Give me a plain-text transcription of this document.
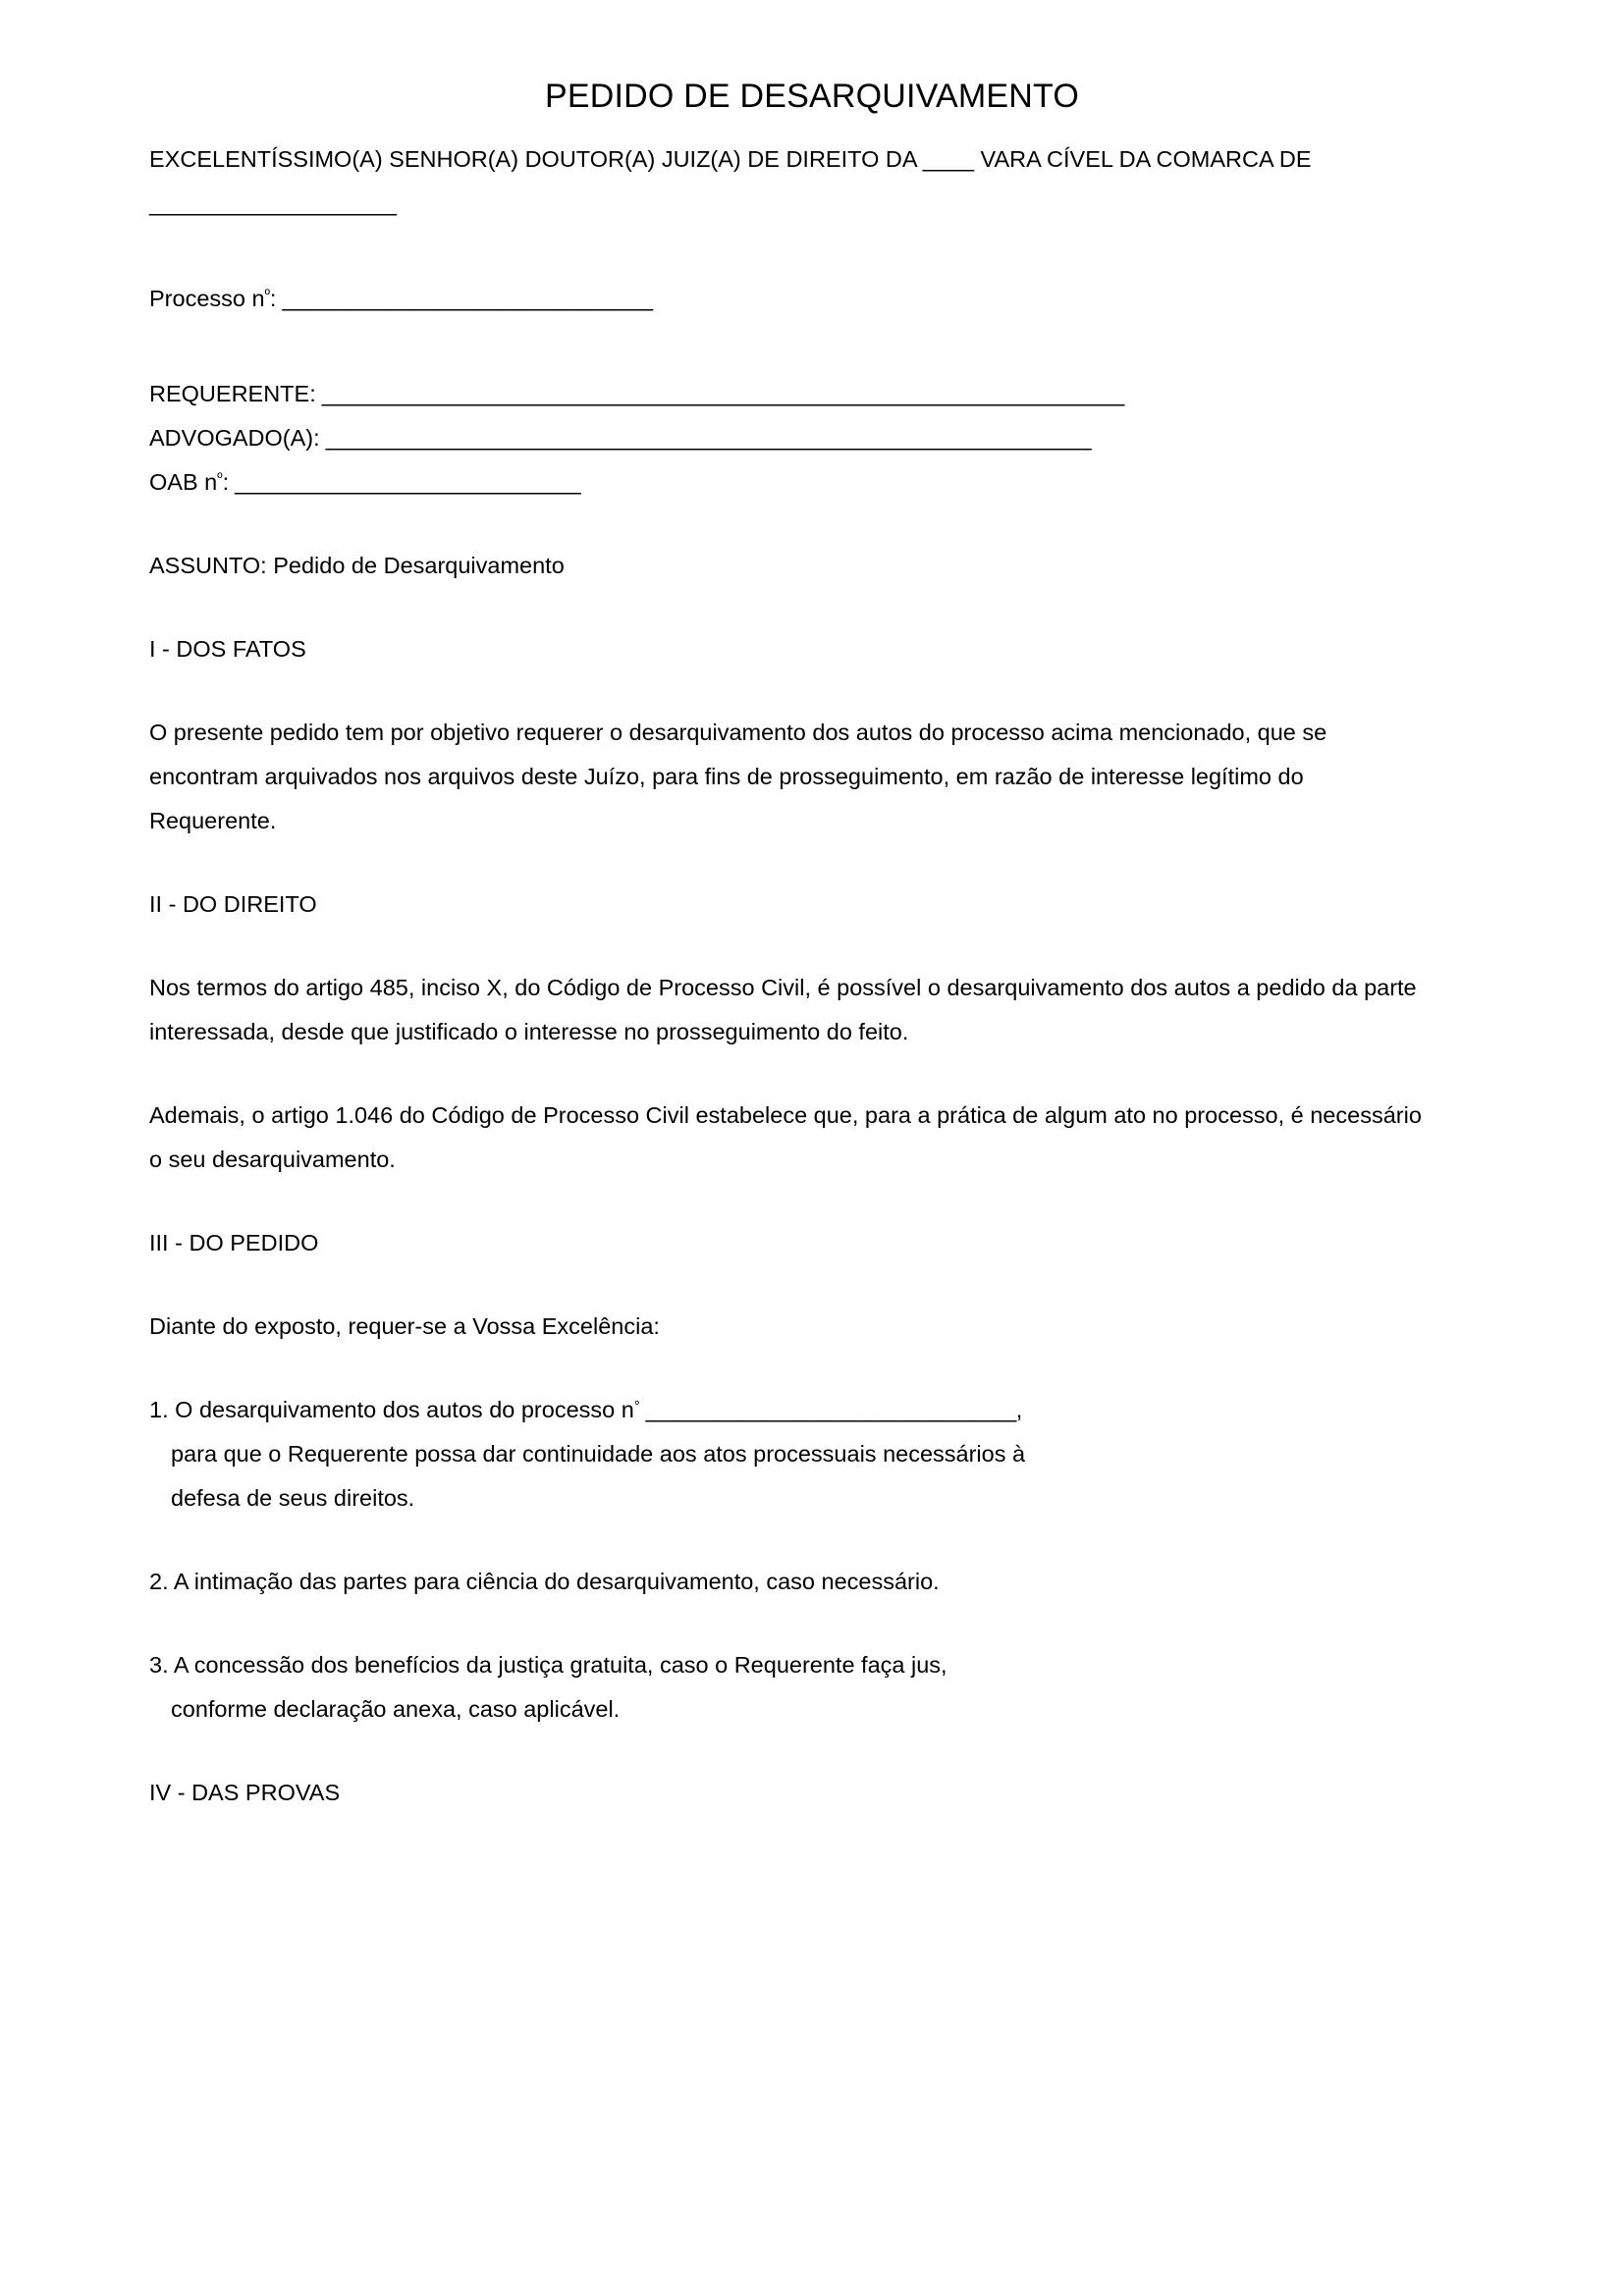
PEDIDO DE DESARQUIVAMENTO
EXCELENTÍSSIMO(A) SENHOR(A) DOUTOR(A) JUIZ(A) DE DIREITO DA ____ VARA CÍVEL DA COMARCA DE
____________________
Processo $n^º$: ______________________________
REQUERENTE: _________________________________________________________________
ADVOGADO(A): ______________________________________________________________
OAB $n^º$: ____________________________
ASSUNTO: Pedido de Desarquivamento
I - DOS FATOS
O presente pedido tem por objetivo requerer o desarquivamento dos autos do processo acima mencionado, que se encontram arquivados nos arquivos deste Juízo, para fins de prosseguimento, em razão de interesse legítimo do Requerente.
II - DO DIREITO
Nos termos do artigo 485, inciso X, do Código de Processo Civil, é possível o desarquivamento dos autos a pedido da parte interessada, desde que justificado o interesse no prosseguimento do feito.
Ademais, o artigo 1.046 do Código de Processo Civil estabelece que, para a prática de algum ato no processo, é necessário o seu desarquivamento.
III - DO PEDIDO
Diante do exposto, requer-se a Vossa Excelência:
1. O desarquivamento dos autos do processo n° ______________________________,
para que o Requerente possa dar continuidade aos atos processuais necessários à
defesa de seus direitos.
2. A intimação das partes para ciência do desarquivamento, caso necessário.
3. A concessão dos benefícios da justiça gratuita, caso o Requerente faça jus,
conforme declaração anexa, caso aplicável.
IV - DAS PROVAS
